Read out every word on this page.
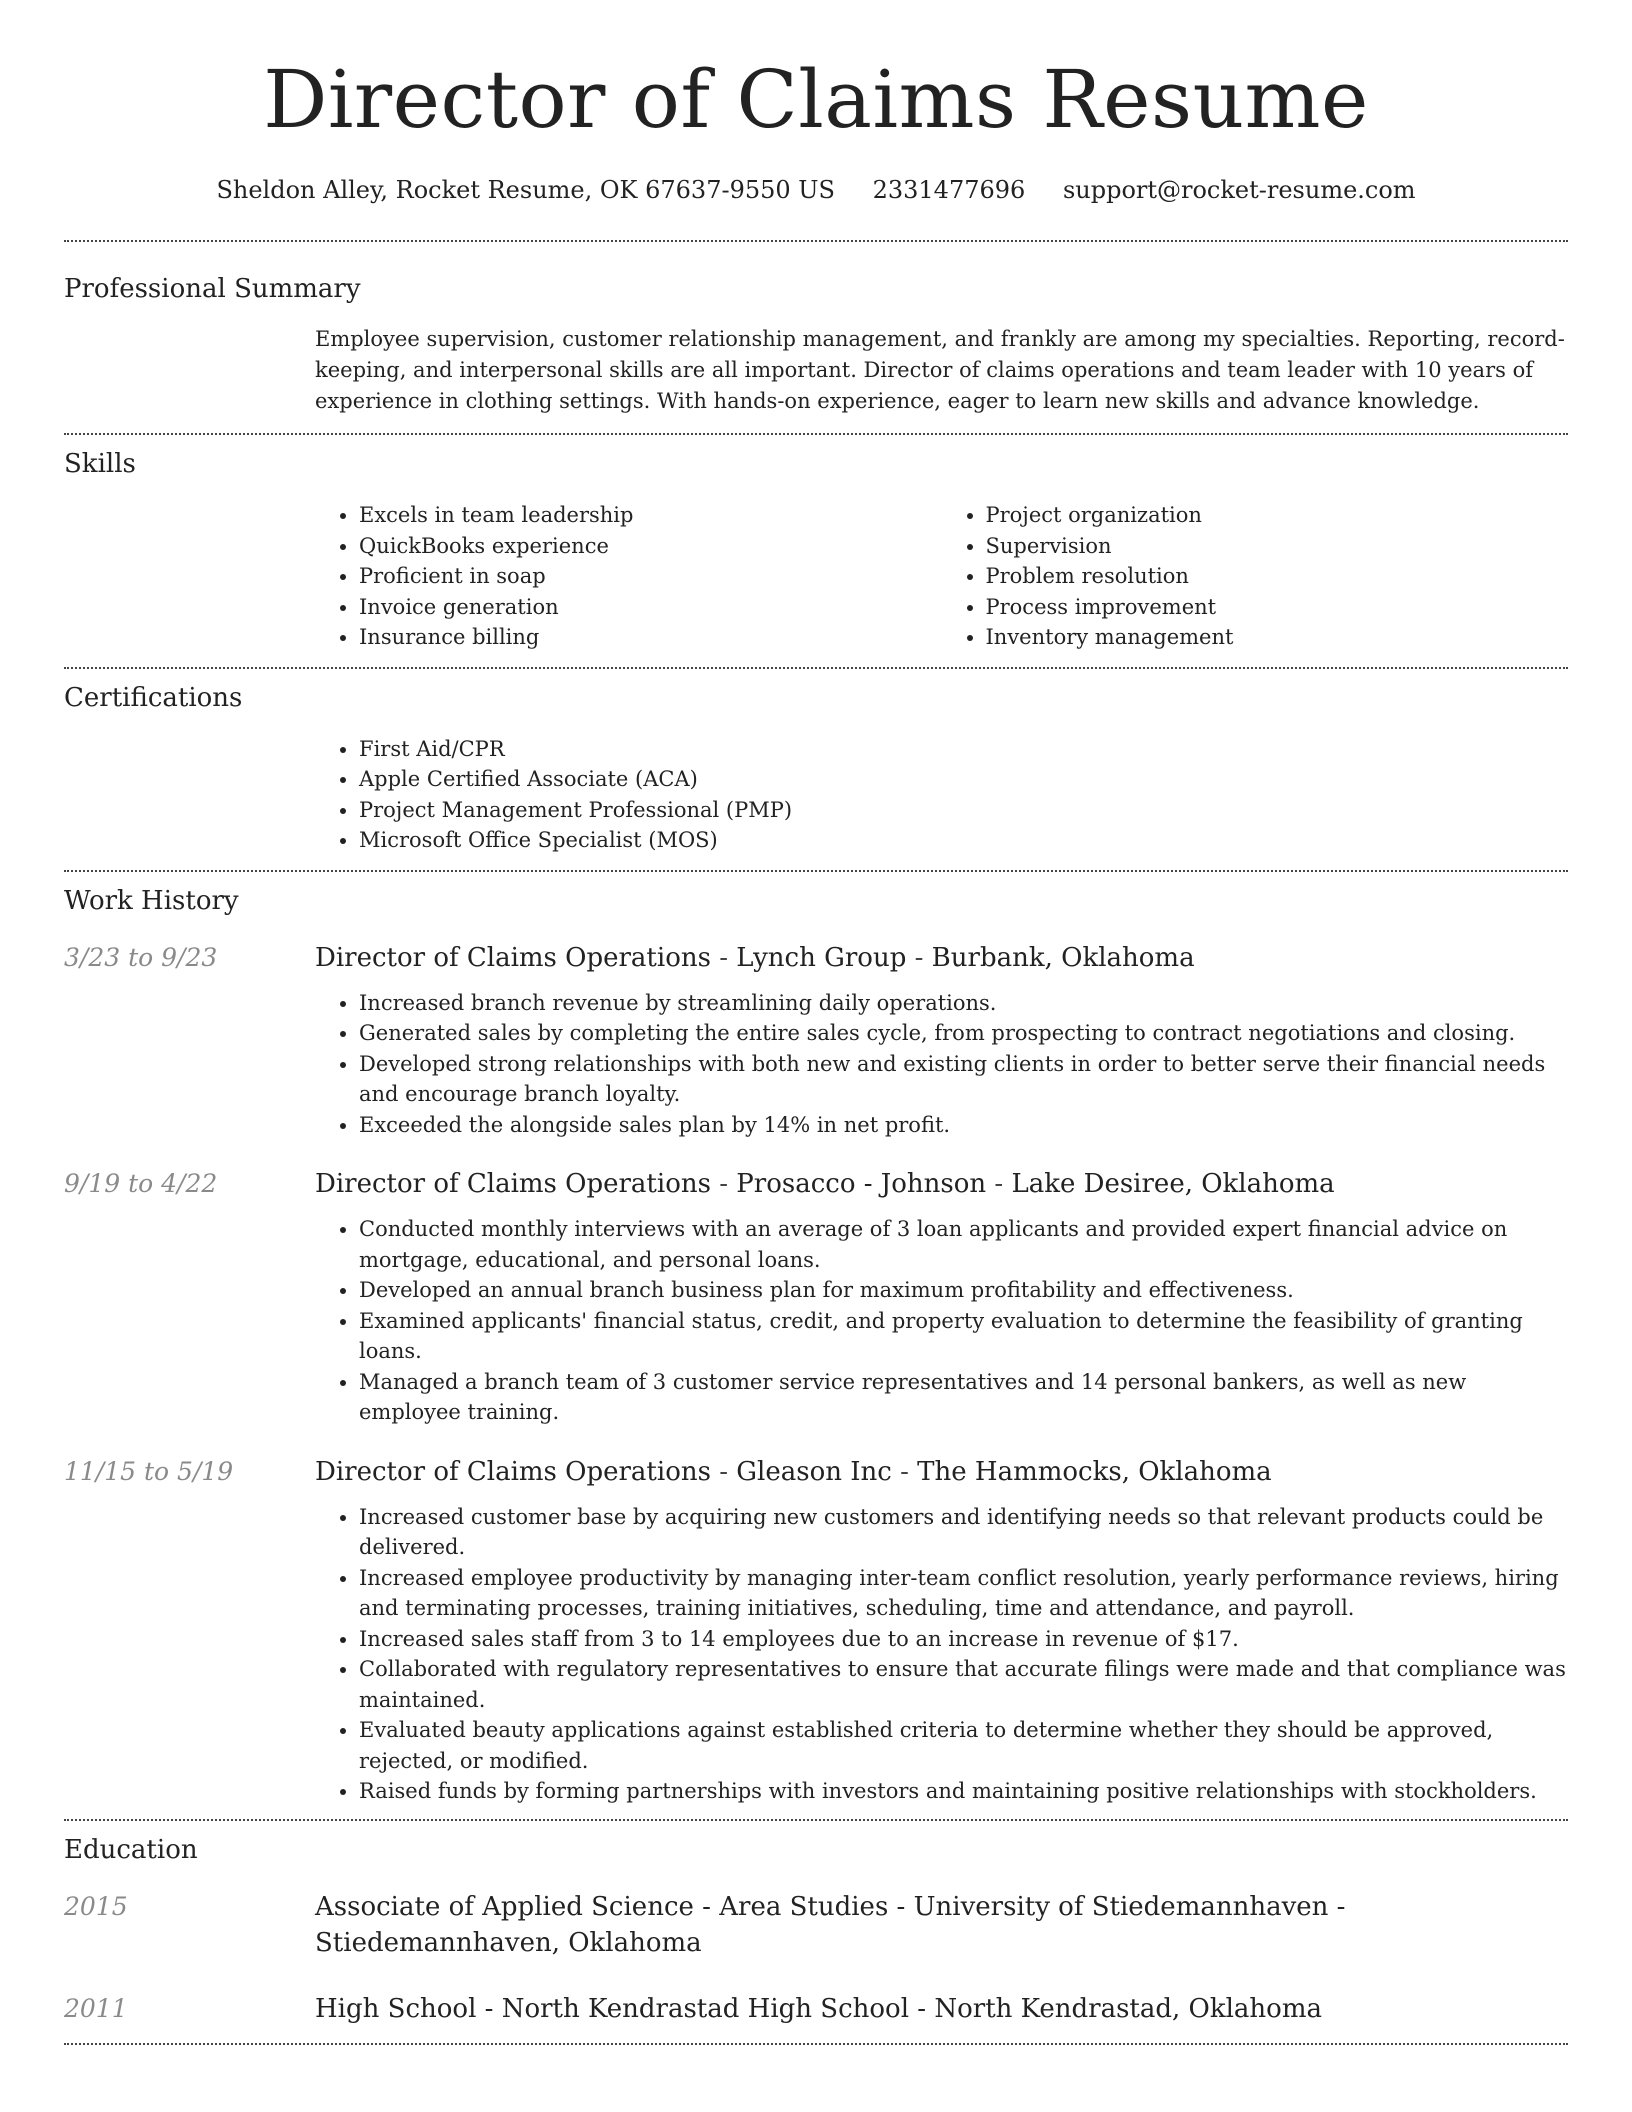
Director of Claims Resume
Sheldon Alley, Rocket Resume, OK 67637-9550 US 2331477696 support@rocket-resume.com
Professional Summary

Employee supervision, customer relationship management, and frankly are among my specialties. Reporting, record-keeping, and interpersonal skills are all important. Director of claims operations and team leader with 10 years of experience in clothing settings. With hands-on experience, eager to learn new skills and advance knowledge.

Skills
• Excels in team leadership
• QuickBooks experience
• Proficient in soap
• Invoice generation
• Insurance billing
• Project organization
• Supervision
• Problem resolution
• Process improvement
• Inventory management
Certifications
• First Aid/CPR
• Apple Certified Associate (ACA)
• Project Management Professional (PMP)
• Microsoft Office Specialist (MOS)
Work History
3/23 to 9/23	Director of Claims Operations - Lynch Group - Burbank, Oklahoma
• Increased branch revenue by streamlining daily operations.
• Generated sales by completing the entire sales cycle, from prospecting to contract negotiations and closing.
• Developed strong relationships with both new and existing clients in order to better serve their financial needs and encourage branch loyalty.
• Exceeded the alongside sales plan by 14% in net profit.
9/19 to 4/22	Director of Claims Operations - Prosacco - Johnson - Lake Desiree, Oklahoma
• Conducted monthly interviews with an average of 3 loan applicants and provided expert financial advice on mortgage, educational, and personal loans.
• Developed an annual branch business plan for maximum profitability and effectiveness.
• Examined applicants' financial status, credit, and property evaluation to determine the feasibility of granting loans.
• Managed a branch team of 3 customer service representatives and 14 personal bankers, as well as new employee training.
11/15 to 5/19	Director of Claims Operations - Gleason Inc - The Hammocks, Oklahoma
• Increased customer base by acquiring new customers and identifying needs so that relevant products could be delivered.
• Increased employee productivity by managing inter-team conflict resolution, yearly performance reviews, hiring and terminating processes, training initiatives, scheduling, time and attendance, and payroll.
• Increased sales staff from 3 to 14 employees due to an increase in revenue of $17.
• Collaborated with regulatory representatives to ensure that accurate filings were made and that compliance was maintained.
• Evaluated beauty applications against established criteria to determine whether they should be approved, rejected, or modified.
• Raised funds by forming partnerships with investors and maintaining positive relationships with stockholders.
Education
2015	Associate of Applied Science - Area Studies - University of Stiedemannhaven - Stiedemannhaven, Oklahoma
2011	High School - North Kendrastad High School - North Kendrastad, Oklahoma
